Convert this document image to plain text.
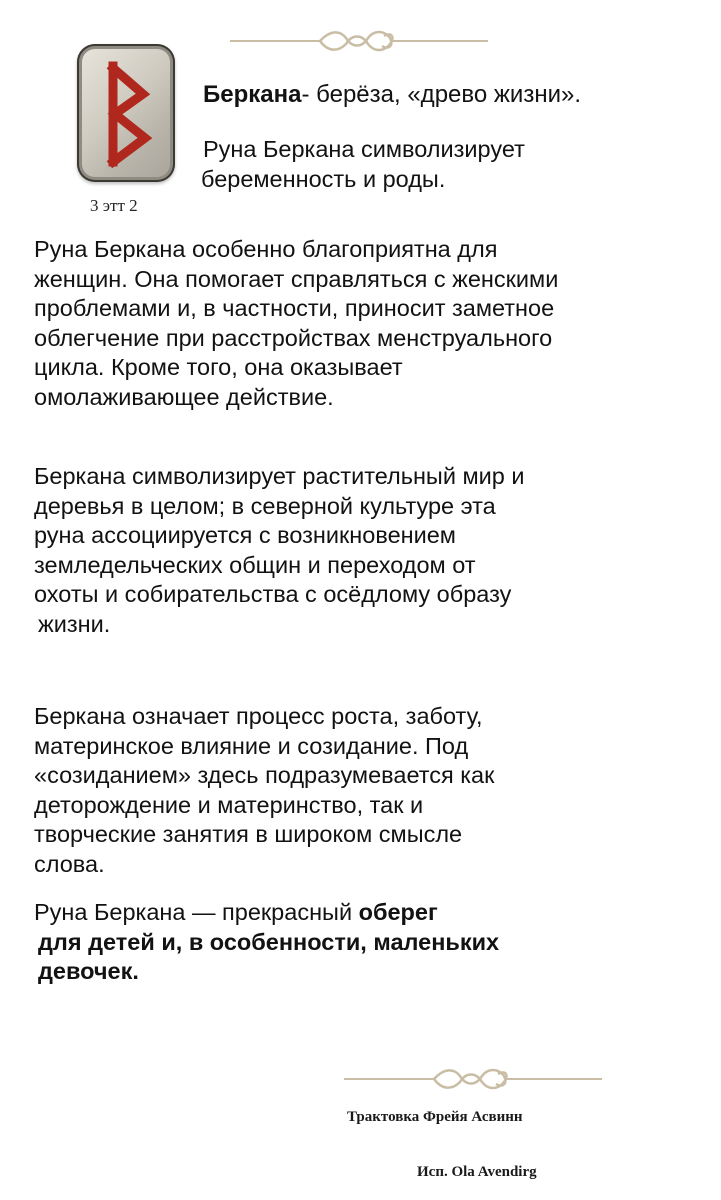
3 этт 2
Беркана- берёза, «древо жизни».
Руна Беркана символизирует
беременность и роды.
Руна Беркана особенно благоприятна для
женщин. Она помогает справляться с женскими
проблемами и, в частности, приносит заметное
облегчение при расстройствах менструального
цикла. Кроме того, она оказывает
омолаживающее действие.
Беркана символизирует растительный мир и
деревья в целом; в северной культуре эта
руна ассоциируется с возникновением
земледельческих общин и переходом от
охоты и собирательства с осёдлому образу
жизни.
Беркана означает процесс роста, заботу,
материнское влияние и созидание. Под
«созиданием» здесь подразумевается как
деторождение и материнство, так и
творческие занятия в широком смысле
слова.
Руна Беркана — прекрасный оберег
для детей и, в особенности, маленьких
девочек.
Трактовка Фрейя Асвинн
Исп. Ola Avendirg
